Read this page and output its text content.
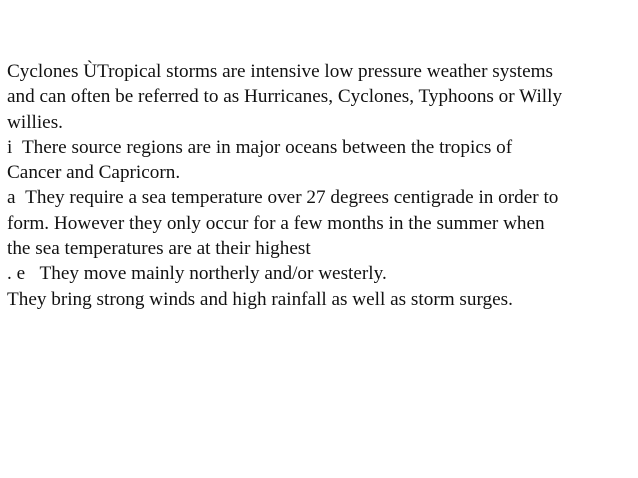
Cyclones ÙTropical storms are intensive low pressure weather systems

and can often be referred to as Hurricanes, Cyclones, Typhoons or Willy

willies.

i There source regions are in major oceans between the tropics of

Cancer and Capricorn.

a They require a sea temperature over 27 degrees centigrade in order to

form. However they only occur for a few months in the summer when

the sea temperatures are at their highest

. e They move mainly northerly and/or westerly.

They bring strong winds and high rainfall as well as storm surges.
